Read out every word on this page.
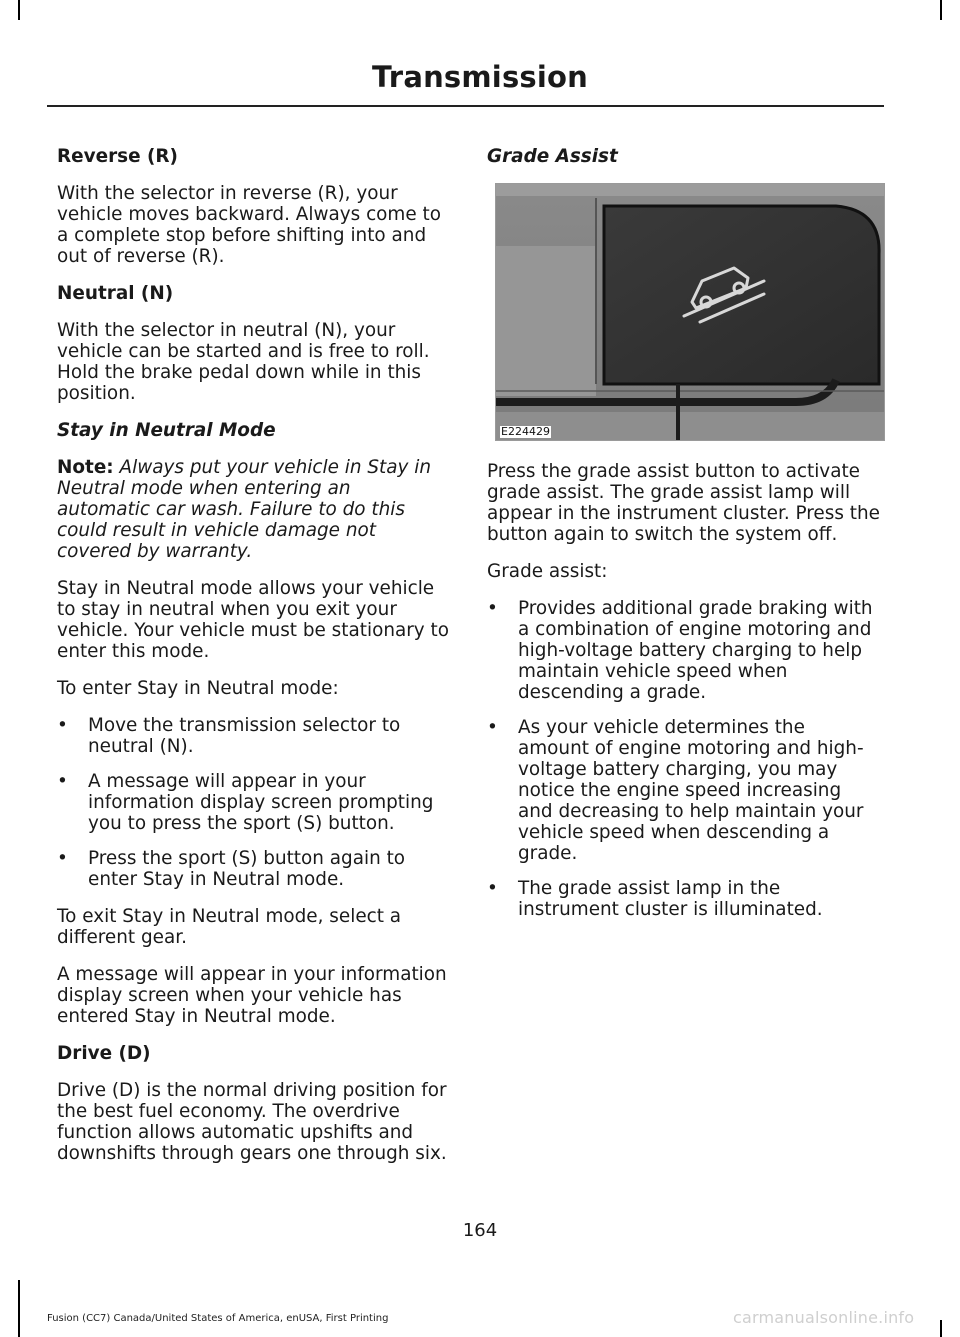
Transmission
Reverse (R)

With the selector in reverse (R), your vehicle moves backward. Always come to a complete stop before shifting into and out of reverse (R).

Neutral (N)

With the selector in neutral (N), your vehicle can be started and is free to roll. Hold the brake pedal down while in this position.

Stay in Neutral Mode

Note: Always put your vehicle in Stay in Neutral mode when entering an automatic car wash. Failure to do this could result in vehicle damage not covered by warranty.

Stay in Neutral mode allows your vehicle to stay in neutral when you exit your vehicle. Your vehicle must be stationary to enter this mode.

To enter Stay in Neutral mode:

• Move the transmission selector to neutral (N).
• A message will appear in your information display screen prompting you to press the sport (S) button.
• Press the sport (S) button again to enter Stay in Neutral mode.

To exit Stay in Neutral mode, select a different gear.

A message will appear in your information display screen when your vehicle has entered Stay in Neutral mode.

Drive (D)

Drive (D) is the normal driving position for the best fuel economy. The overdrive function allows automatic upshifts and downshifts through gears one through six.

Grade Assist
E224429

Press the grade assist button to activate grade assist. The grade assist lamp will appear in the instrument cluster. Press the button again to switch the system off.

Grade assist:

• Provides additional grade braking with a combination of engine motoring and high-voltage battery charging to help maintain vehicle speed when descending a grade.
• As your vehicle determines the amount of engine motoring and high-voltage battery charging, you may notice the engine speed increasing and decreasing to help maintain your vehicle speed when descending a grade.
• The grade assist lamp in the instrument cluster is illuminated.
164
Fusion (CC7) Canada/United States of America, enUSA, First Printing	carmanualsonline.info
